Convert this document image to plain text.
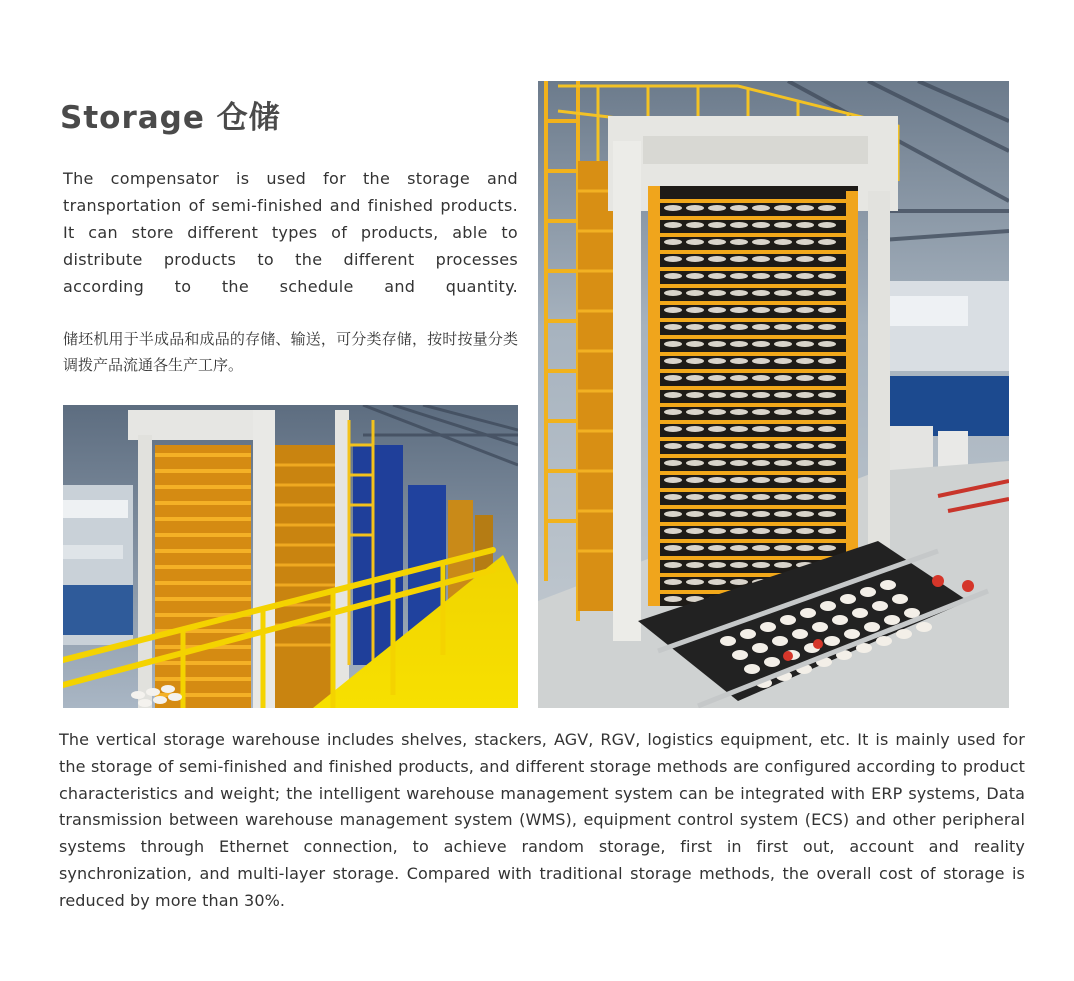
Storage 仓储
The compensator is used for the storage and transportation of semi-finished and finished products. It can store different types of products, able to distribute products to the different processes according to the schedule and quantity.
储坯机用于半成品和成品的存储、输送，可分类存储，按时按量分类调拨产品流通各生产工序。
The vertical storage warehouse includes shelves, stackers, AGV, RGV, logistics equipment, etc. It is mainly used for the storage of semi-finished and finished products, and different storage methods are configured according to product characteristics and weight; the intelligent warehouse management system can be integrated with ERP systems, Data transmission between warehouse management system (WMS), equipment control system (ECS) and other peripheral systems through Ethernet connection, to achieve random storage, first in first out, account and reality synchronization, and multi-layer storage. Compared with traditional storage methods, the overall cost of storage is reduced by more than 30%.
